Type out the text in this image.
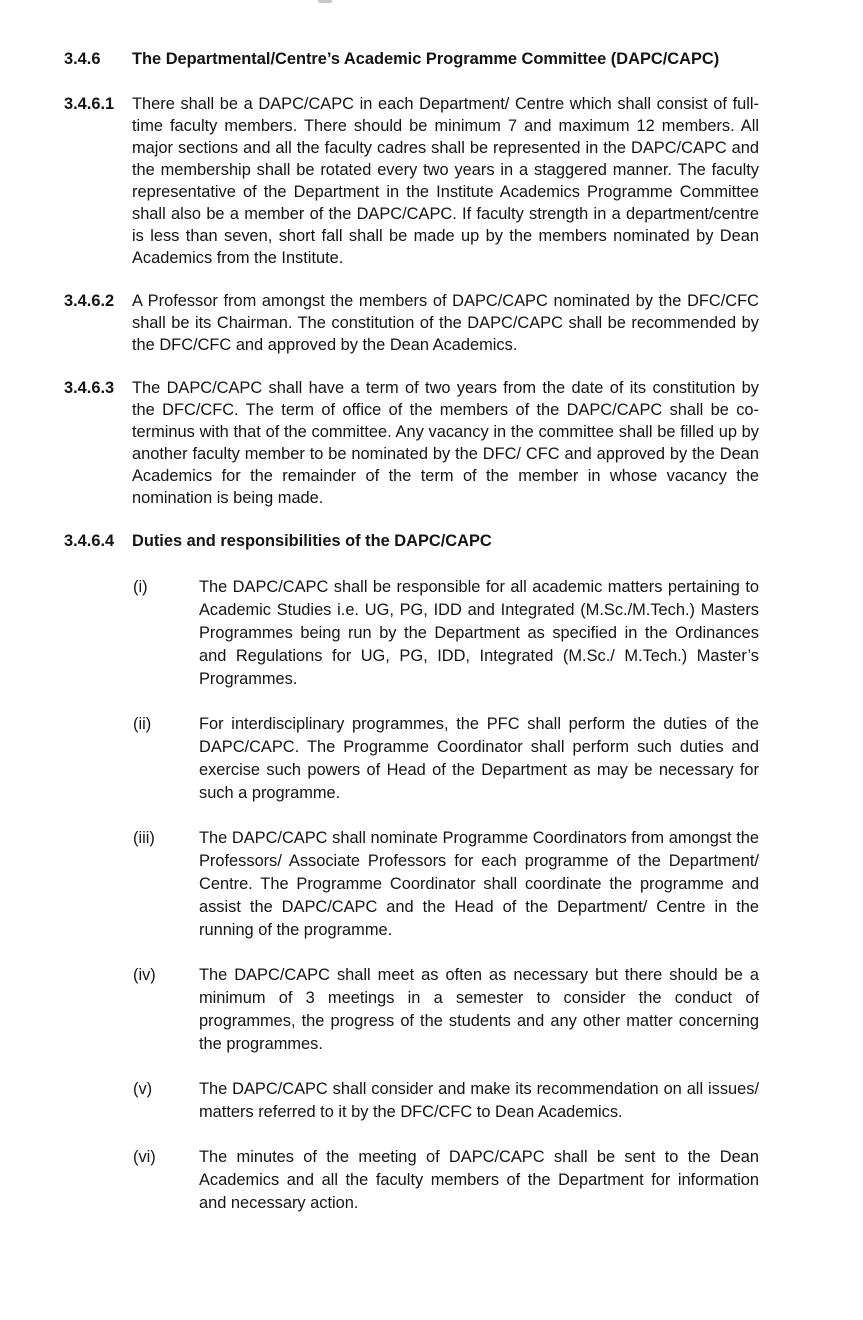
3.4.6	The Departmental/Centre’s Academic Programme Committee (DAPC/CAPC)
3.4.6.1	There shall be a DAPC/CAPC in each Department/ Centre which shall consist of full-time faculty members. There should be minimum 7 and maximum 12 members. All major sections and all the faculty cadres shall be represented in the DAPC/CAPC and the membership shall be rotated every two years in a staggered manner. The faculty representative of the Department in the Institute Academics Programme Committee shall also be a member of the DAPC/CAPC. If faculty strength in a department/centre is less than seven, short fall shall be made up by the members nominated by Dean Academics from the Institute.
3.4.6.2	A Professor from amongst the members of DAPC/CAPC nominated by the DFC/CFC shall be its Chairman. The constitution of the DAPC/CAPC shall be recommended by the DFC/CFC and approved by the Dean Academics.
3.4.6.3	The DAPC/CAPC shall have a term of two years from the date of its constitution by the DFC/CFC. The term of office of the members of the DAPC/CAPC shall be co-terminus with that of the committee. Any vacancy in the committee shall be filled up by another faculty member to be nominated by the DFC/ CFC and approved by the Dean Academics for the remainder of the term of the member in whose vacancy the nomination is being made.
3.4.6.4	Duties and responsibilities of the DAPC/CAPC
(i)	The DAPC/CAPC shall be responsible for all academic matters pertaining to Academic Studies i.e. UG, PG, IDD and Integrated (M.Sc./M.Tech.) Masters Programmes being run by the Department as specified in the Ordinances and Regulations for UG, PG, IDD, Integrated (M.Sc./ M.Tech.) Master’s Programmes.
(ii)	For interdisciplinary programmes, the PFC shall perform the duties of the DAPC/CAPC. The Programme Coordinator shall perform such duties and exercise such powers of Head of the Department as may be necessary for such a programme.
(iii)	The DAPC/CAPC shall nominate Programme Coordinators from amongst the Professors/ Associate Professors for each programme of the Department/ Centre. The Programme Coordinator shall coordinate the programme and assist the DAPC/CAPC and the Head of the Department/ Centre in the running of the programme.
(iv)	The DAPC/CAPC shall meet as often as necessary but there should be a minimum of 3 meetings in a semester to consider the conduct of programmes, the progress of the students and any other matter concerning the programmes.
(v)	The DAPC/CAPC shall consider and make its recommendation on all issues/ matters referred to it by the DFC/CFC to Dean Academics.
(vi)	The minutes of the meeting of DAPC/CAPC shall be sent to the Dean Academics and all the faculty members of the Department for information and necessary action.
